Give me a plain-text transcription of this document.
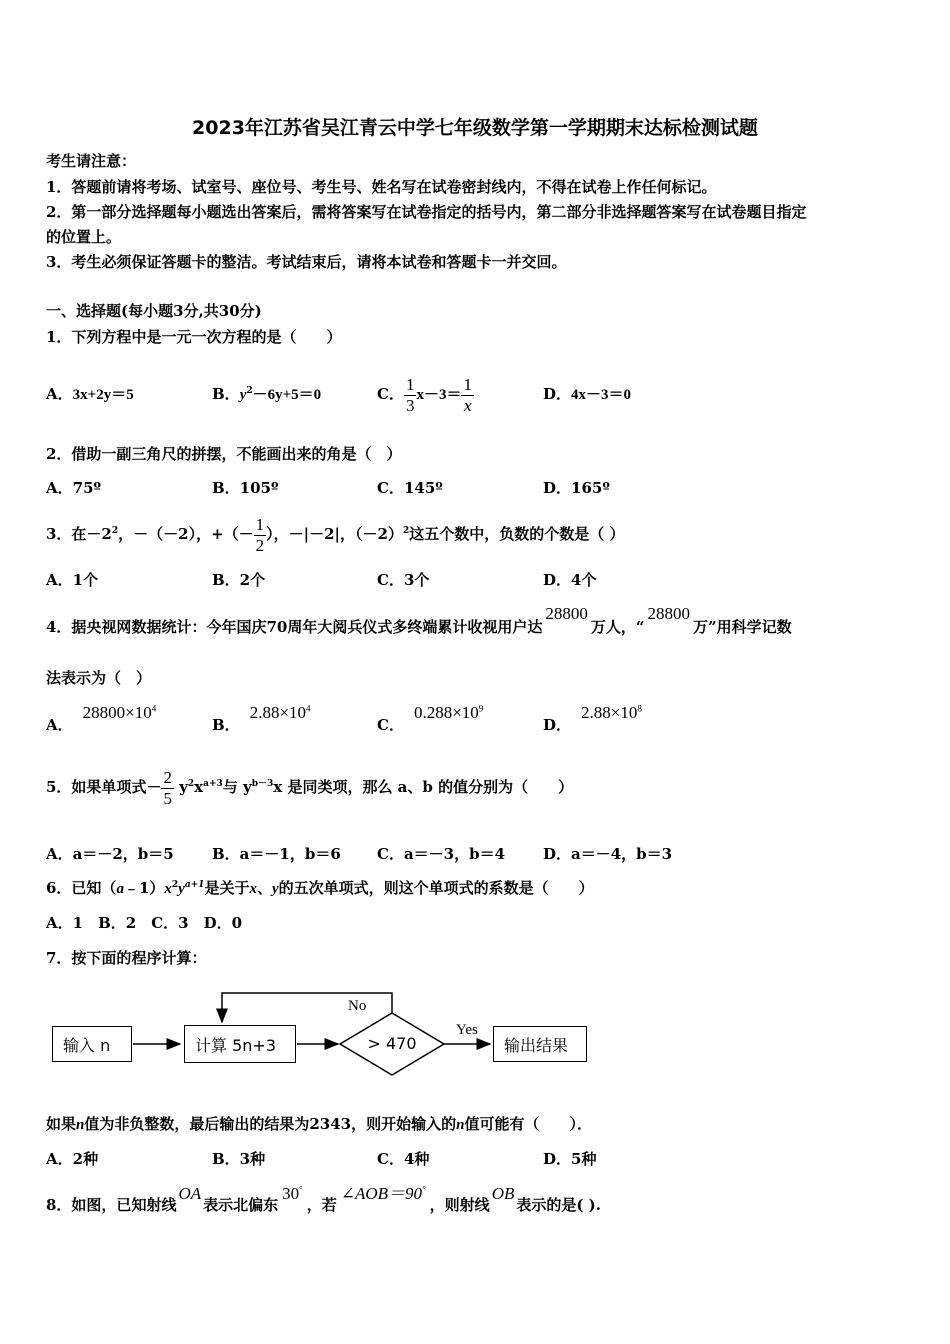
2023年江苏省吴江青云中学七年级数学第一学期期末达标检测试题
考生请注意：
1．答题前请将考场、试室号、座位号、考生号、姓名写在试卷密封线内，不得在试卷上作任何标记。
2．第一部分选择题每小题选出答案后，需将答案写在试卷指定的括号内，第二部分非选择题答案写在试卷题目指定
的位置上。
3．考生必须保证答题卡的整洁。考试结束后，请将本试卷和答题卡一并交回。
一、选择题(每小题3分,共30分)
1．下列方程中是一元一次方程的是（　　）
A．3x+2y＝5	B．$y^2-6y+5=0$	C． $\frac{1}{3} x-3= \frac{1}{x}$	D．4x－3＝0
2．借助一副三角尺的拼摆，不能画出来的角是（　）
A．75º	B．105º	C．145º	D．165º
3．在$-2^2$，－（－2），+（－ $\frac{1}{2}$ ），－|－2|，$(-2)^2$这五个数中，负数的个数是（ ）
A．1个	B．2个	C．3个	D．4个
4．据央视网数据统计：今年国庆70周年大阅兵仪式多终端累计收视用户达28800万人，“28800万”用科学记数
法表示为（　）
A．$28800\times 10^4$
B．$2.88\times 10^4$
C．$0.288\times 10^9$
D．$2.88\times 10^8$
5．如果单项式－ $\frac{2}{5} y^2x^{a+3}$与 $y^{b-3}x$ 是同类项，那么 a、b 的值分别为（　　）
A．a＝－2，b＝5	B．a＝－1，b＝6 C．a＝－3，b＝4	D．a＝－4，b＝3
6．已知$(a﹣1)x^2y^{a+1}$是关于x、y的五次单项式，则这个单项式的系数是（　　）
A．1　B．2　C．3　D．0
7．按下面的程序计算：
输入 n	计算 5n+3	> 470	输出结果
No
Yes
如果n值为非负整数，最后输出的结果为2343，则开始输入的n值可能有（　　）．
A．2种	B．3种	C．4种	D．5种
8．如图，已知射线OA表示北偏东30°，若∠AOB＝90°，则射线OB表示的是( ).
